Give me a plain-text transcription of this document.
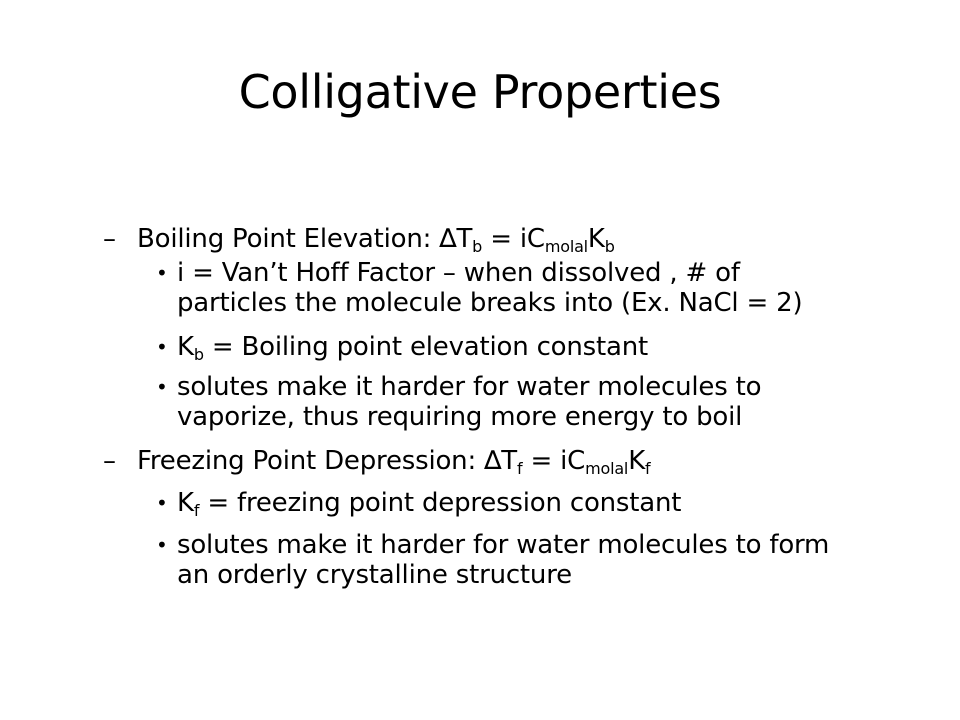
Colligative Properties
– Boiling Point Elevation: $\Delta T_b = iC_{molal}K_b$
• i = Van’t Hoff Factor – when dissolved , # of
particles the molecule breaks into (Ex. NaCl = 2)
• $K_b$ = Boiling point elevation constant
• solutes make it harder for water molecules to
vaporize, thus requiring more energy to boil
– Freezing Point Depression: $\Delta T_f = iC_{molal}K_f$
• $K_f$ = freezing point depression constant
• solutes make it harder for water molecules to form
an orderly crystalline structure
